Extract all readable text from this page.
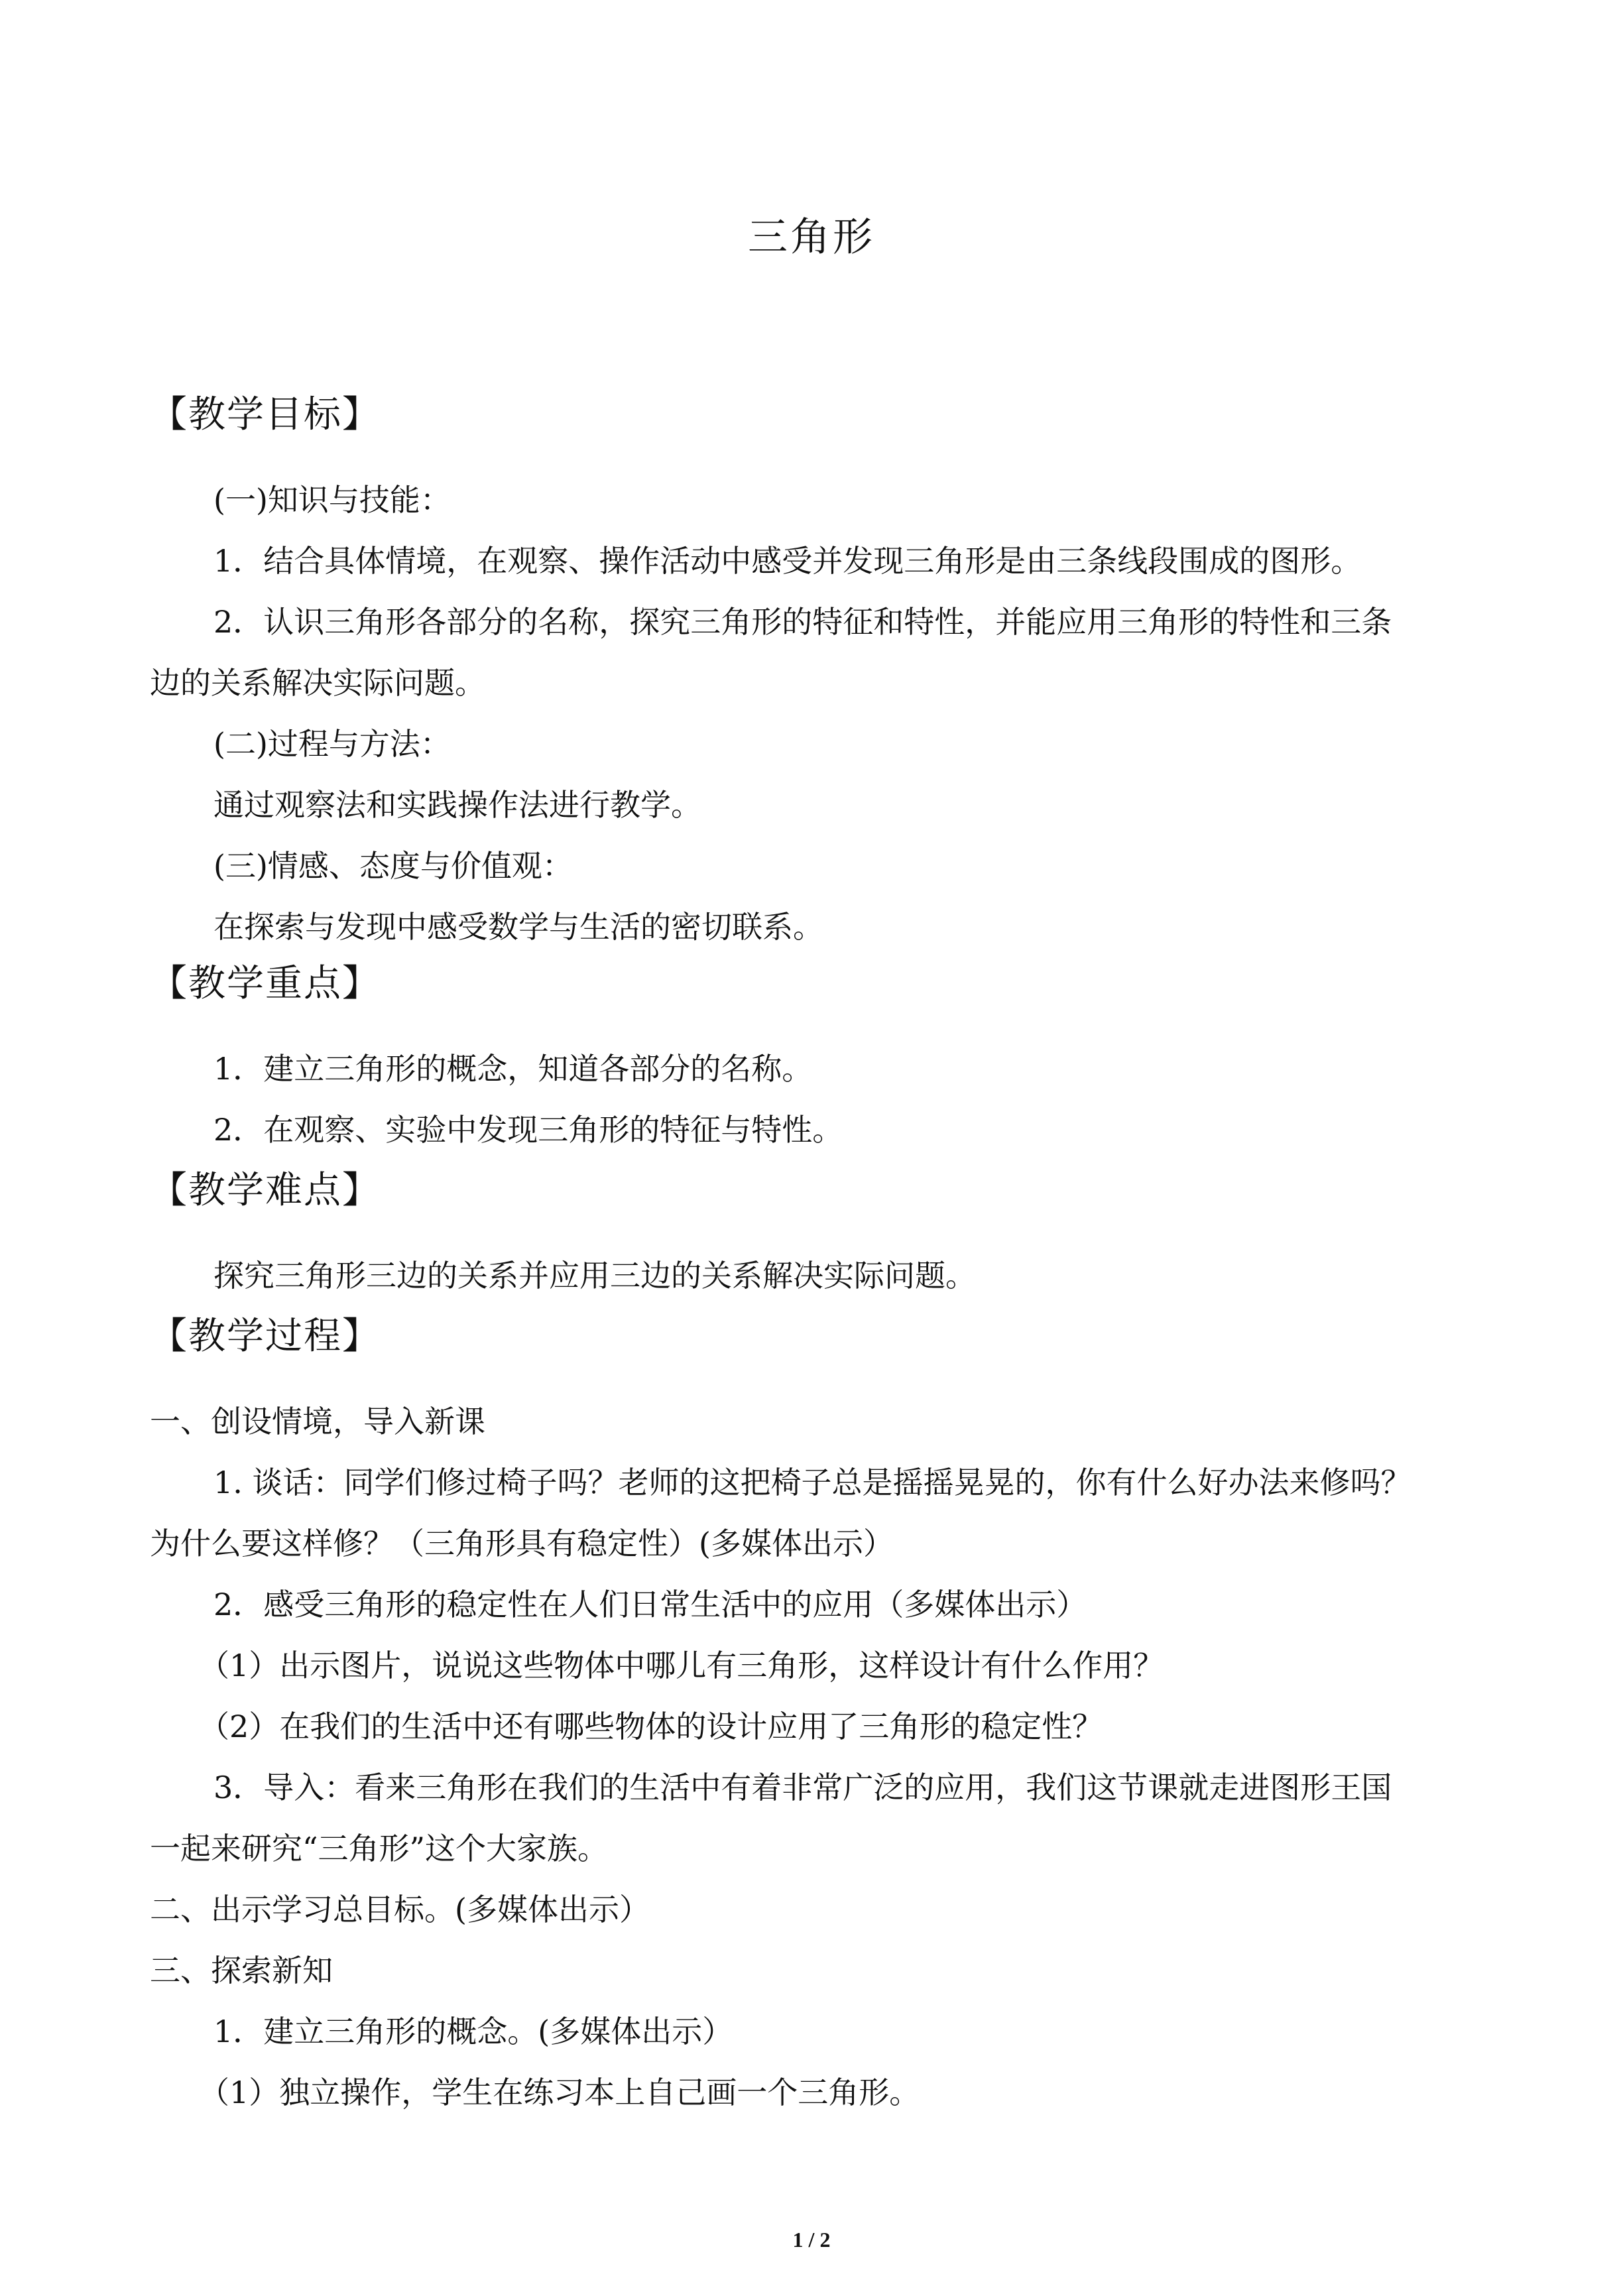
三角形
【教学目标】
(一)知识与技能：
1．结合具体情境，在观察、操作活动中感受并发现三角形是由三条线段围成的图形。
2．认识三角形各部分的名称，探究三角形的特征和特性，并能应用三角形的特性和三条
边的关系解决实际问题。
(二)过程与方法：
通过观察法和实践操作法进行教学。
(三)情感、态度与价值观：
在探索与发现中感受数学与生活的密切联系。
【教学重点】
1．建立三角形的概念，知道各部分的名称。
2．在观察、实验中发现三角形的特征与特性。
【教学难点】
探究三角形三边的关系并应用三边的关系解决实际问题。
【教学过程】
一、创设情境，导入新课
1. 谈话：同学们修过椅子吗？老师的这把椅子总是摇摇晃晃的，你有什么好办法来修吗？
为什么要这样修？（三角形具有稳定性）(多媒体出示）
2．感受三角形的稳定性在人们日常生活中的应用（多媒体出示）
（1）出示图片，说说这些物体中哪儿有三角形，这样设计有什么作用？
（2）在我们的生活中还有哪些物体的设计应用了三角形的稳定性？
3．导入：看来三角形在我们的生活中有着非常广泛的应用，我们这节课就走进图形王国
一起来研究“三角形”这个大家族。
二、出示学习总目标。(多媒体出示）
三、探索新知
1．建立三角形的概念。(多媒体出示）
（1）独立操作，学生在练习本上自己画一个三角形。
1 / 2
